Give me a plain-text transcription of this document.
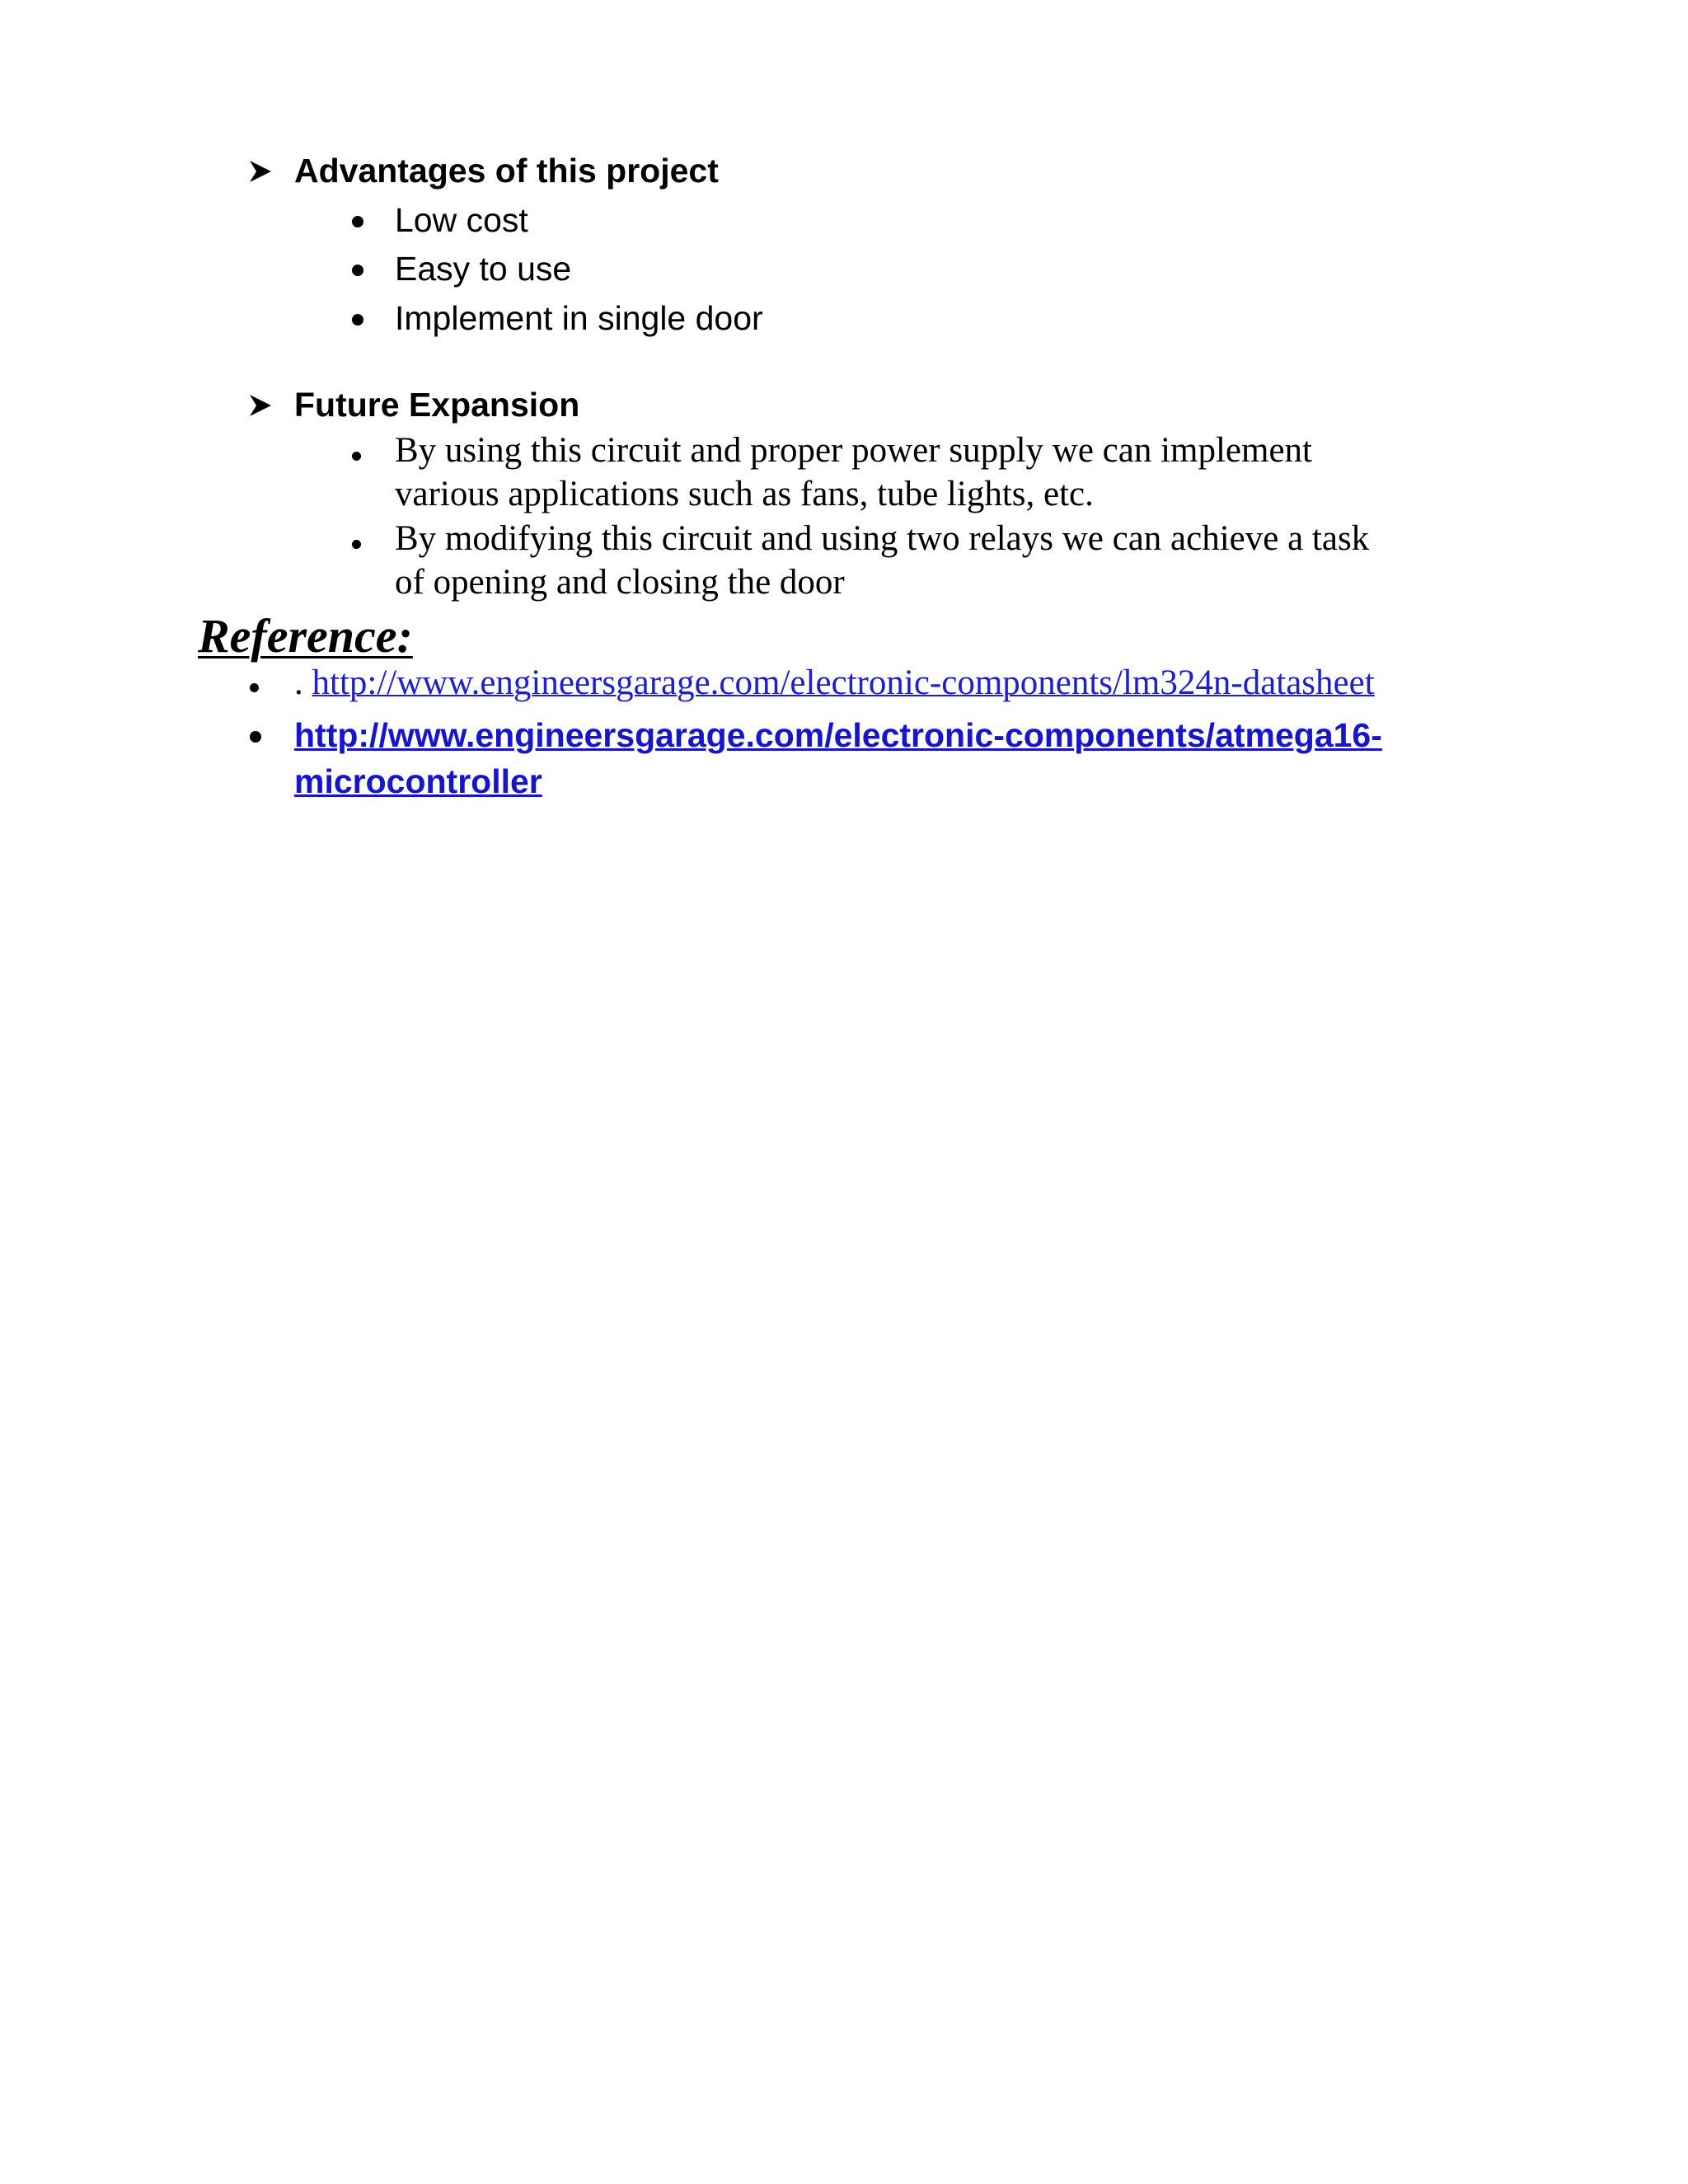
Advantages of this project

Low cost

Easy to use

Implement in single door

Future Expansion

By using this circuit and proper power supply we can implement

various applications such as fans, tube lights, etc.

By modifying this circuit and using two relays we can achieve a task

of opening and closing the door

Reference:

. http://www.engineersgarage.com/electronic-components/lm324n-datasheet

http://www.engineersgarage.com/electronic-components/atmega16-

microcontroller
